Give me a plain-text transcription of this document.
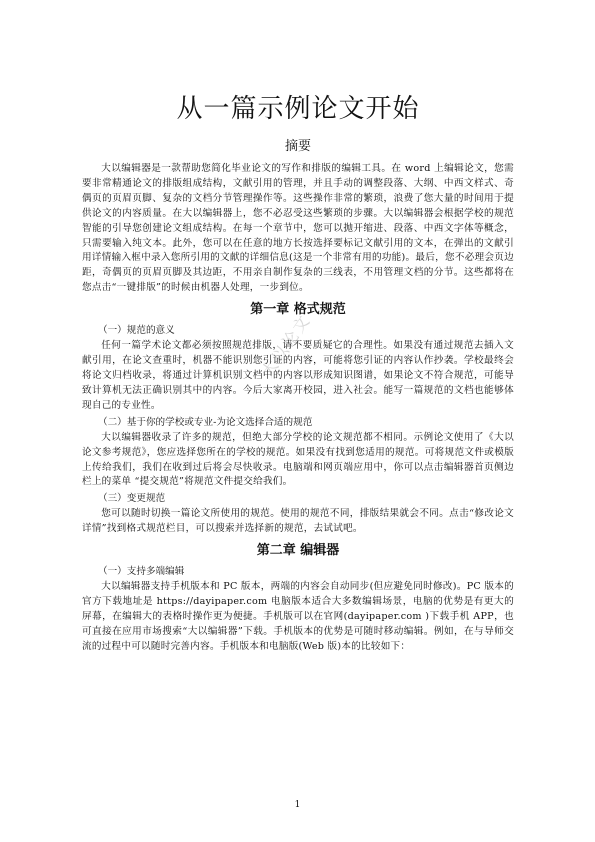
大以论文
从一篇示例论文开始
摘要

大以编辑器是一款帮助您简化毕业论文的写作和排版的编辑工具。在 word 上编辑论文，您需要非常精通论文的排版组成结构，文献引用的管理，并且手动的调整段落、大纲、中西文样式、奇偶页的页眉页脚、复杂的文档分节管理操作等。这些操作非常的繁琐，浪费了您大量的时间用于提供论文的内容质量。在大以编辑器上，您不必忍受这些繁琐的步骤。大以编辑器会根据学校的规范智能的引导您创建论文组成结构。在每一个章节中，您可以抛开缩进、段落、中西文字体等概念，只需要输入纯文本。此外，您可以在任意的地方长按选择要标记文献引用的文本，在弹出的文献引用详情输入框中录入您所引用的文献的详细信息(这是一个非常有用的功能)。最后，您不必理会页边距，奇偶页的页眉页脚及其边距，不用亲自制作复杂的三线表，不用管理文档的分节。这些都将在您点击“一键排版”的时候由机器人处理，一步到位。

第一章 格式规范
（一）规范的意义

任何一篇学术论文都必须按照规范排版，请不要质疑它的合理性。如果没有通过规范去插入文献引用，在论文查重时，机器不能识别您引证的内容，可能将您引证的内容认作抄袭。学校最终会将论文归档收录，将通过计算机识别文档中的内容以形成知识图谱，如果论文不符合规范，可能导致计算机无法正确识别其中的内容。今后大家离开校园，进入社会。能写一篇规范的文档也能够体现自己的专业性。

（二）基于你的学校或专业-为论文选择合适的规范

大以编辑器收录了许多的规范，但绝大部分学校的论文规范都不相同。示例论文使用了《大以论文参考规范》，您应选择您所在的学校的规范。如果没有找到您适用的规范。可将规范文件或模版上传给我们，我们在收到过后将会尽快收录。电脑端和网页端应用中，你可以点击编辑器首页侧边栏上的菜单 “提交规范”将规范文件提交给我们。

（三）变更规范

您可以随时切换一篇论文所使用的规范。使用的规范不同，排版结果就会不同。点击“修改论文详情”找到格式规范栏目，可以搜索并选择新的规范，去试试吧。

第二章 编辑器
（一）支持多端编辑

大以编辑器支持手机版本和 PC 版本，两端的内容会自动同步(但应避免同时修改)。PC 版本的官方下载地址是 https://dayipaper.com 电脑版本适合大多数编辑场景，电脑的优势是有更大的屏幕，在编辑大的表格时操作更为便捷。手机版可以在官网(dayipaper.com )下载手机 APP，也可直接在应用市场搜索“大以编辑器”下载。手机版本的优势是可随时移动编辑。例如，在与导师交流的过程中可以随时完善内容。手机版本和电脑版(Web 版)本的比较如下：

1
